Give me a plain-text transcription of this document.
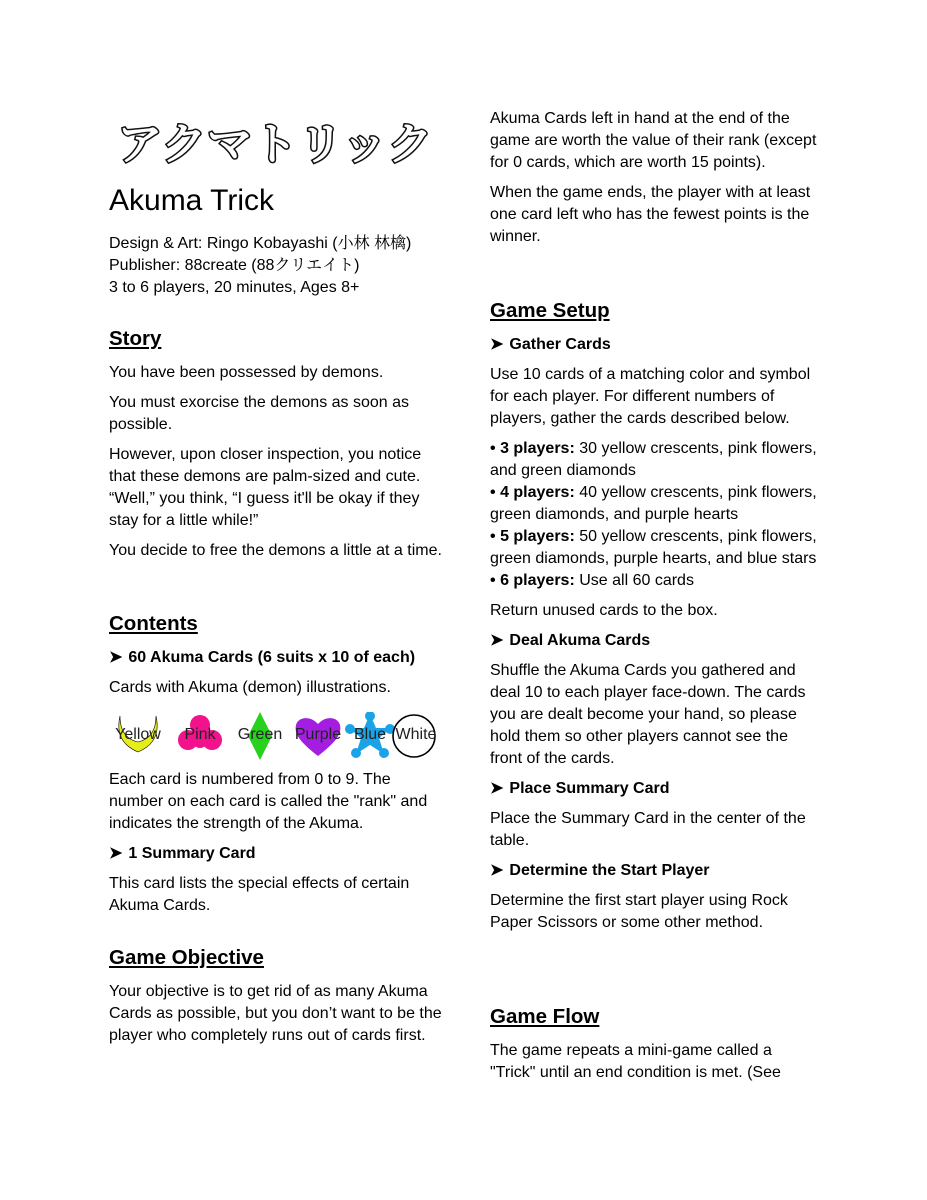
アクマトリック
Akuma Trick

Design & Art: Ringo Kobayashi (小林 林檎)

Publisher: 88create (88クリエイト)

3 to 6 players, 20 minutes, Ages 8+

Story

You have been possessed by demons.

You must exorcise the demons as soon as possible.

However, upon closer inspection, you notice that these demons are palm-sized and cute. “Well,” you think, “I guess it'll be okay if they stay for a little while!”

You decide to free the demons a little at a time.

Contents
➤ 60 Akuma Cards (6 suits x 10 of each)

Cards with Akuma (demon) illustrations.

Each card is numbered from 0 to 9. The number on each card is called the "rank" and indicates the strength of the Akuma.

➤ 1 Summary Card

This card lists the special effects of certain Akuma Cards.

Game Objective

Your objective is to get rid of as many Akuma Cards as possible, but you don’t want to be the player who completely runs out of cards first.

Yellow	Pink	Green Purple Blue White

Akuma Cards left in hand at the end of the game are worth the value of their rank (except for 0 cards, which are worth 15 points).

When the game ends, the player with at least one card left who has the fewest points is the winner.

Game Setup
➤ Gather Cards

Use 10 cards of a matching color and symbol for each player. For different numbers of players, gather the cards described below.

• 3 players: 30 yellow crescents, pink flowers, and green diamonds

• 4 players: 40 yellow crescents, pink flowers, green diamonds, and purple hearts

• 5 players: 50 yellow crescents, pink flowers, green diamonds, purple hearts, and blue stars

• 6 players: Use all 60 cards

Return unused cards to the box.

➤ Deal Akuma Cards

Shuffle the Akuma Cards you gathered and deal 10 to each player face-down. The cards you are dealt become your hand, so please hold them so other players cannot see the front of the cards.

➤ Place Summary Card

Place the Summary Card in the center of the table.

➤ Determine the Start Player

Determine the first start player using Rock Paper Scissors or some other method.

Game Flow

The game repeats a mini-game called a "Trick" until an end condition is met. (See
